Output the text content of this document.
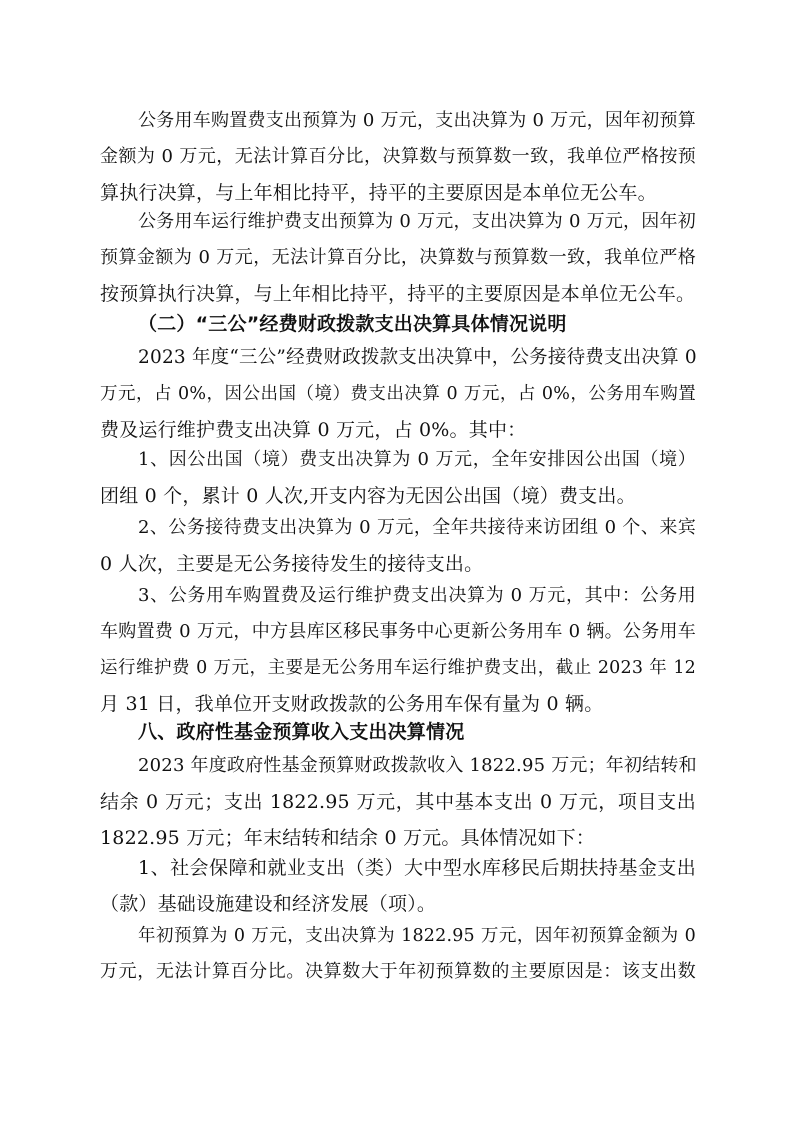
公务用车购置费支出预算为 0 万元，支出决算为 0 万元，因年初预算
金额为 0 万元，无法计算百分比，决算数与预算数一致，我单位严格按预
算执行决算，与上年相比持平，持平的主要原因是本单位无公车。
公务用车运行维护费支出预算为 0 万元，支出决算为 0 万元，因年初
预算金额为 0 万元，无法计算百分比，决算数与预算数一致，我单位严格
按预算执行决算，与上年相比持平，持平的主要原因是本单位无公车。
（二）“三公”经费财政拨款支出决算具体情况说明
2023 年度“三公”经费财政拨款支出决算中，公务接待费支出决算 0
万元，占 0%，因公出国（境）费支出决算 0 万元，占 0%，公务用车购置
费及运行维护费支出决算 0 万元，占 0%。其中：
1、因公出国（境）费支出决算为 0 万元，全年安排因公出国（境）
团组 0 个，累计 0 人次,开支内容为无因公出国（境）费支出。
2、公务接待费支出决算为 0 万元，全年共接待来访团组 0 个、来宾
0 人次，主要是无公务接待发生的接待支出。
3、公务用车购置费及运行维护费支出决算为 0 万元，其中：公务用
车购置费 0 万元，中方县库区移民事务中心更新公务用车 0 辆。公务用车
运行维护费 0 万元，主要是无公务用车运行维护费支出，截止 2023 年 12
月 31 日，我单位开支财政拨款的公务用车保有量为 0 辆。
八、政府性基金预算收入支出决算情况
2023 年度政府性基金预算财政拨款收入 1822.95 万元；年初结转和
结余 0 万元；支出 1822.95 万元，其中基本支出 0 万元，项目支出
1822.95 万元；年末结转和结余 0 万元。具体情况如下：
1、社会保障和就业支出（类）大中型水库移民后期扶持基金支出
（款）基础设施建设和经济发展（项）。
年初预算为 0 万元，支出决算为 1822.95 万元，因年初预算金额为 0
万元，无法计算百分比。决算数大于年初预算数的主要原因是：该支出数
